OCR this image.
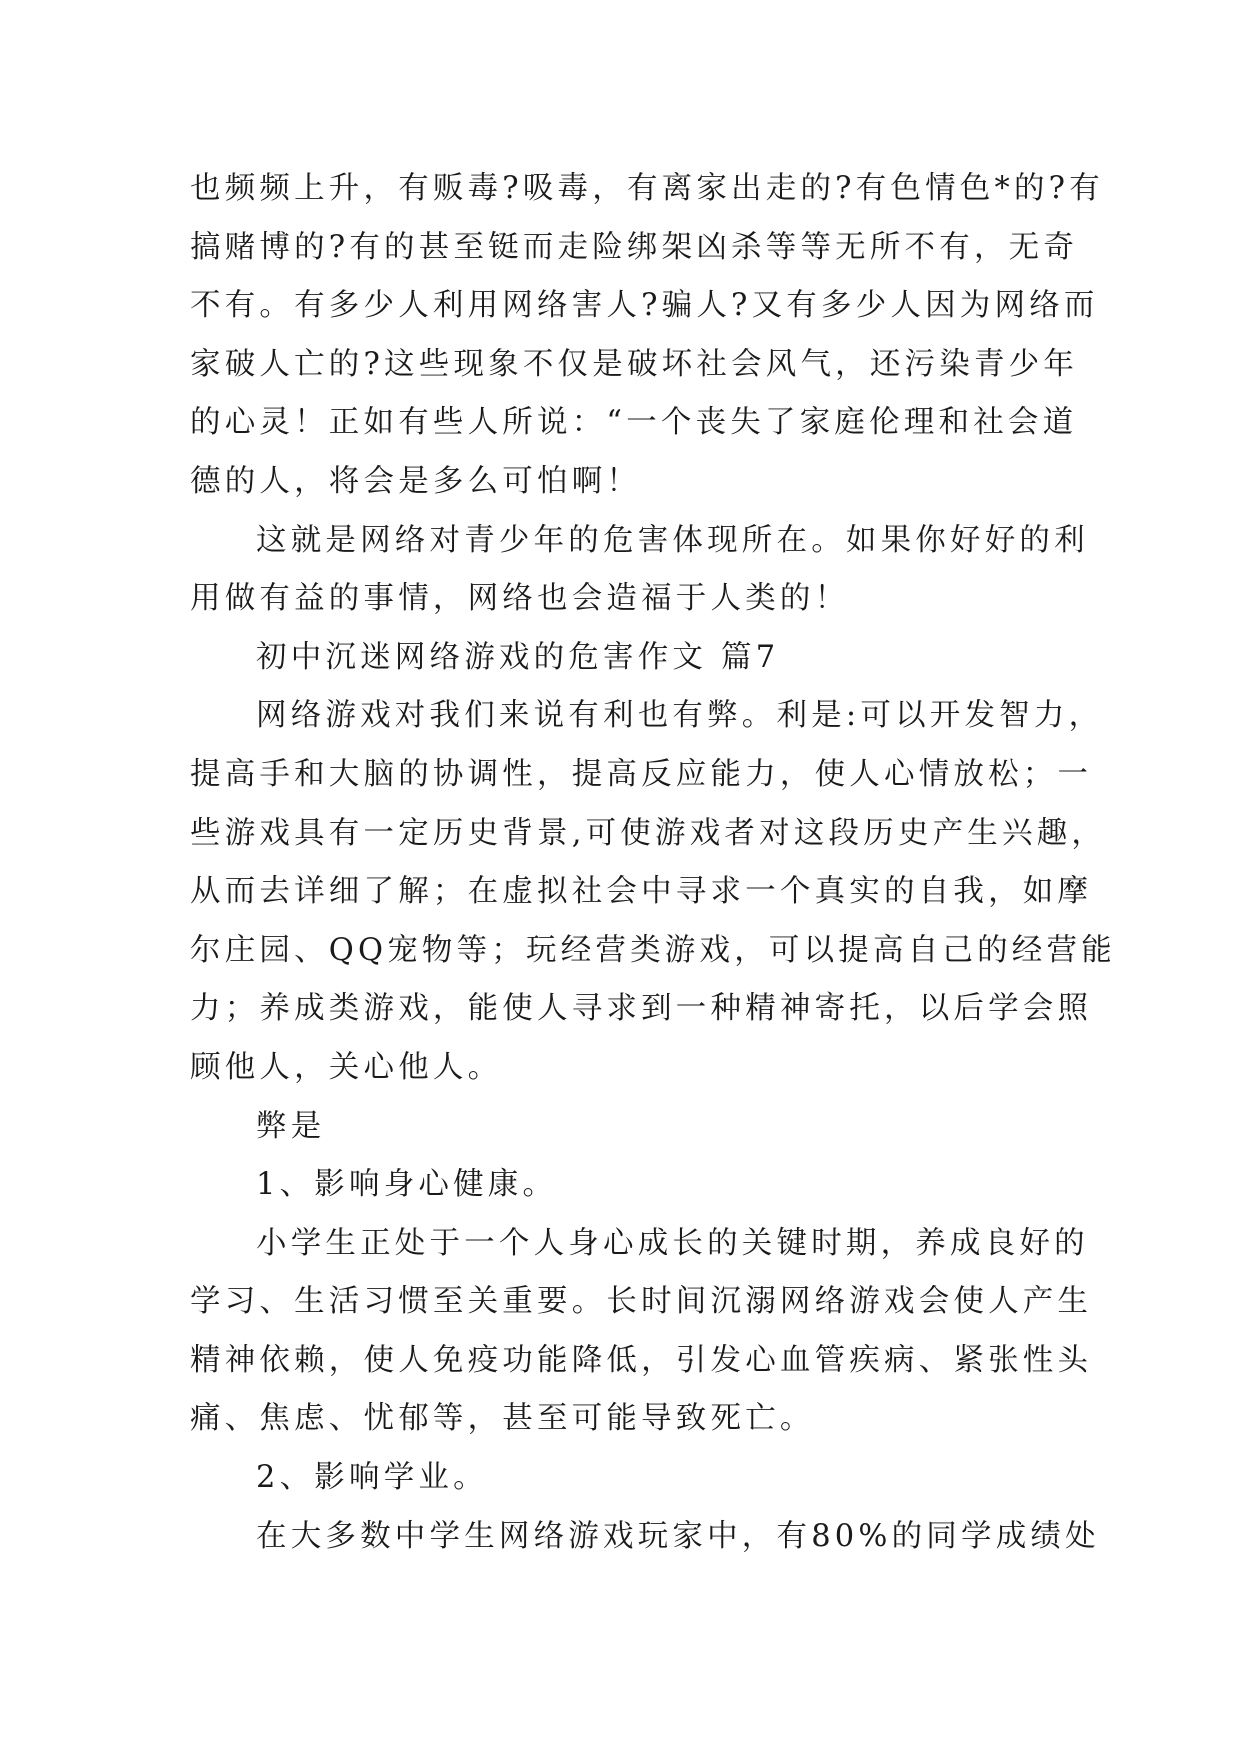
也频频上升，有贩毒?吸毒，有离家出走的?有色情色*的?有
搞赌博的?有的甚至铤而走险绑架凶杀等等无所不有，无奇
不有。有多少人利用网络害人?骗人?又有多少人因为网络而
家破人亡的?这些现象不仅是破坏社会风气，还污染青少年
的心灵！正如有些人所说：“一个丧失了家庭伦理和社会道
德的人，将会是多么可怕啊！
这就是网络对青少年的危害体现所在。如果你好好的利
用做有益的事情，网络也会造福于人类的！
初中沉迷网络游戏的危害作文 篇7
网络游戏对我们来说有利也有弊。利是:可以开发智力，
提高手和大脑的协调性，提高反应能力，使人心情放松；一
些游戏具有一定历史背景,可使游戏者对这段历史产生兴趣，
从而去详细了解；在虚拟社会中寻求一个真实的自我，如摩
尔庄园、QQ宠物等；玩经营类游戏，可以提高自己的经营能
力；养成类游戏，能使人寻求到一种精神寄托，以后学会照
顾他人，关心他人。
弊是
1、影响身心健康。
小学生正处于一个人身心成长的关键时期，养成良好的
学习、生活习惯至关重要。长时间沉溺网络游戏会使人产生
精神依赖，使人免疫功能降低，引发心血管疾病、紧张性头
痛、焦虑、忧郁等，甚至可能导致死亡。
2、影响学业。
在大多数中学生网络游戏玩家中，有80%的同学成绩处
